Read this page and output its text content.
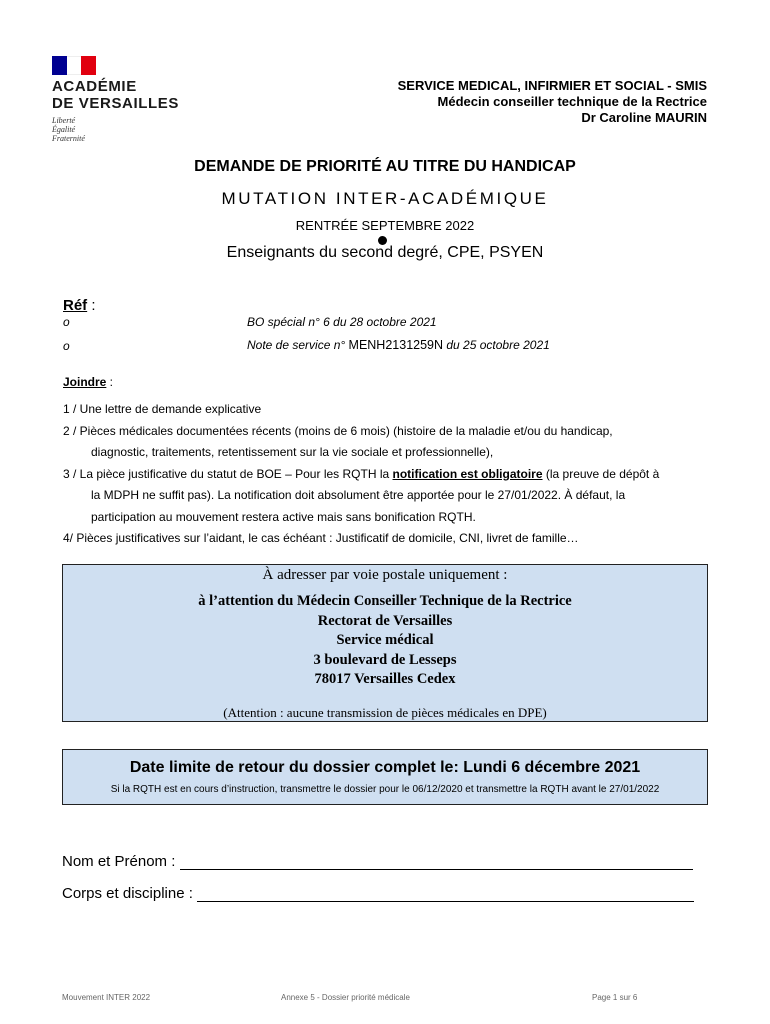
ACADÉMIE
DE VERSAILLES
Liberté
Égalité
Fraternité
SERVICE MEDICAL, INFIRMIER ET SOCIAL - SMIS
Médecin conseiller technique de la Rectrice
Dr Caroline MAURIN
DEMANDE DE PRIORITÉ AU TITRE DU HANDICAP
MUTATION INTER-ACADÉMIQUE
RENTRÉE SEPTEMBRE 2022
Enseignants du second degré, CPE, PSYEN
Réf :
o	BO spécial n° 6 du 28 octobre 2021
o	Note de service n° MENH2131259N du 25 octobre 2021
Joindre :
1 / Une lettre de demande explicative
2 / Pièces médicales documentées récents (moins de 6 mois) (histoire de la maladie et/ou du handicap,
diagnostic, traitements, retentissement sur la vie sociale et professionnelle),
3 / La pièce justificative du statut de BOE – Pour les RQTH la notification est obligatoire (la preuve de dépôt à
la MDPH ne suffit pas). La notification doit absolument être apportée pour le 27/01/2022. À défaut, la
participation au mouvement restera active mais sans bonification RQTH.
4/ Pièces justificatives sur l’aidant, le cas échéant : Justificatif de domicile, CNI, livret de famille…
À adresser par voie postale uniquement :
à l’attention du Médecin Conseiller Technique de la Rectrice
Rectorat de Versailles
Service médical
3 boulevard de Lesseps
78017 Versailles Cedex
(Attention : aucune transmission de pièces médicales en DPE)
Date limite de retour du dossier complet le: Lundi 6 décembre 2021
Si la RQTH est en cours d’instruction, transmettre le dossier pour le 06/12/2020 et transmettre la RQTH avant le 27/01/2022
Nom et Prénom :
Corps et discipline :
Mouvement INTER 2022	Annexe 5 - Dossier priorité médicale	Page 1 sur 6
